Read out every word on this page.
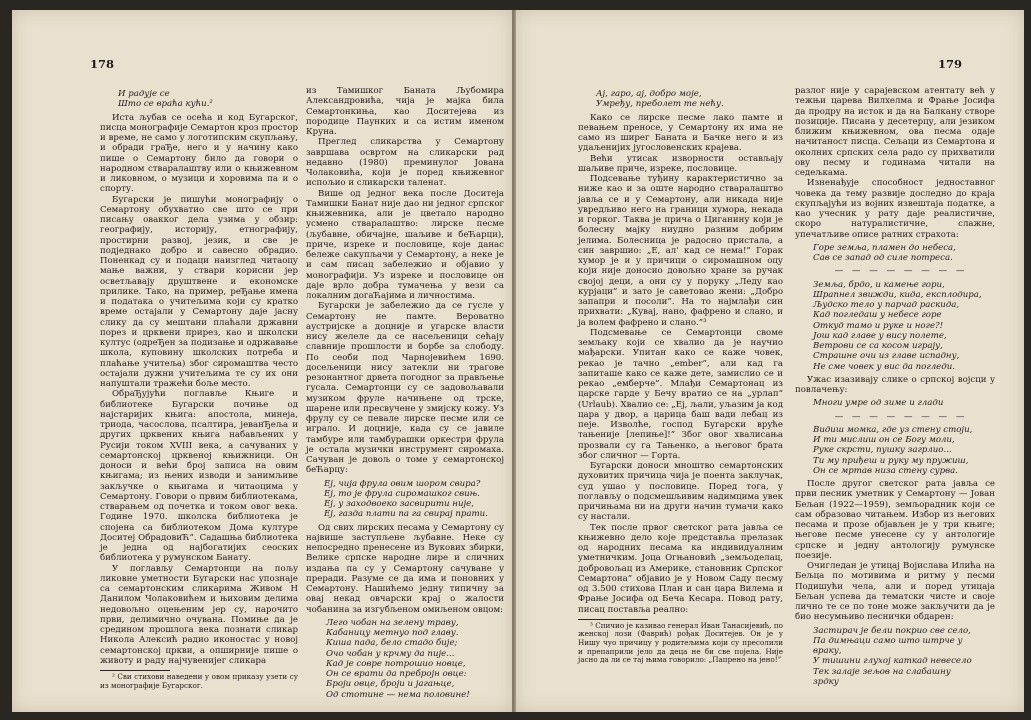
178

И радује се
Што се враћа кући.²

Иста љубав се осећа и код Бугарског, писца монографије Семартон кроз простор и време, не само у логотипским скупљању, и обради граЂе, него и у начину како пише о Семартону било да говори о народном стваралаштву или о књижевном и ликовном, о музици и хоровима па и о спорту.

Бугарски је пишући монографију о Семартону обухватио све што се при писању овакког дела узима у обзир: географију, историју, етнографију, простирни развој, језик, и све је подједнако добро и савесно обрадио. Поненкад су и подаци наизглед читаоцу мање важни, у ствари корисни јер осветљавају друштвене и економске прилике. Тако, на пример, реЂање имена и података о учитељима који су кратко време остајали у Семартону даје јасну слику да су мештани плаћали државни порез и црквени прирез, као и школски култус (одреЂен за подизање и одржавање школа, куповину школских потреба и плаћање учитеља) због сиромаштва често остајали дужни учитељима те су их они напуштали тражећи боље место.

ОбраЂујући поглавље Књиге и библиотеке Бугарски почиње од најстаријих књига: апостола, минеја, триода, часослова, псалтира, јеванЂеља и других црквених књига набављених у Русији током XVIII века, а сачуваних у семартонској црквеној књижници. Он доноси и већи број записа на овим књигама; из њених изводи и занимљиве закључке о књигама и читаоцима у Семартону. Говори о првим библиотекама, стварањем од почетка и током овог века. Године 1970. школска библиотека је спојена са библиотеком Дома културе Доситеј ОбрадовиЋ”. Садашња библиотека је једна од најбогатијих сеоских библиотека у румунском Банату.

У поглављу Семартонци на пољу ликовне уметности Бугарски нас упознаје са семартонским сликарима Живом Н Данилом Чолаковићем и њиховим делима недовољно оцењеним јер су, нарочито први, делимично очувана. Помиње да је средином прошлога века познати сликар Никола Алексић радио иконостас у новој семартонској цркви, а опширније пише о животу и раду најчувенијег сликара

² Сви стихови наведени у овом приказу узети су из монографије Бугарског.

из Тамишког Баната Љубомира Александровића, чија је мајка била Семартонкиња, као Доситејева из породице Паунких и са истим именом Круна.

Преглед сликарства у Семартону завршава освртом на сликарски рад недавно (1980) преминулог Јована Чолаковића, који је поред књижевног испољио и сликарски таленат.

Више од једног века после Доситеја Тамишки Банат није дао ни једног српског књижевника, али је цветало народно усмено стваралаштво: лирске песме (љубавне, обичајне, шаљиве и беЋарци), приче, изреке и пословице, које данас бележе сакупљачи у Семартону, а неке је и сам писац забележио и објавио у монографији. Уз изреке и пословице он даје врло добра тумачења у вези са локалним догаЋајима и личностима.

Бугарски је забележио да се гусле у Семартону не памте. Вероватно аустријске а доцније и угарске власти нису желеле да се насељеници сећају славније прошлости и борбе за слободу. По сеоби под Чарнојевићем 1690. досељеници нису затекли ни трагове резонантног дрвета погодног за прављење гусала. Семартонци су се задовољавали музиком фруле начињене од трске, шарене или пресвучене у змијску кожу. Уз фрулу су се певале лирске песме или се играло. И доцније, када су се јавиле тамбуре или тамбурашки оркестри фрула је остала музички инструмент сиромаха. Сачуван је довољ о томе у семартонској беЋарцу:

Еј, чија фрула овим шором свира?
Еј, то је фрула сиромашког свињ.
Еј, у заходвоеко засвирити није,
Еј, газда плати па га свирај прати.

Од свих лирских песама у Семартону су највише заступљене љубавне. Неке су непосредно пренесене из Вукових збирки, Велике српске народне лире и сличних издања па су у Семартону сачуване у преради. Разуме се да има и поновних у Семартону. Нашићемо једну типичну за овај некад овчарски крај о жалости чобанина за изгубљеном омиљеном овцом:

Лего чобан на зелену траву,
Кабаницу метнуо под главу.
Киша пада, бело стадо бије;
Очо чобан у крчму да пије...
Кад је совре потрошио новце,
Он се врати да пребројн овце:
Броји овце, броји и јагањце,
Од стотине — нема половине!

179

Ај, гаро, ај, добро моје,
Умређу, преболет те нећу.

Како се лирске песме лако памте и певањем преносе, у Семартону их има не само из ширег Баната и Бачке него и из удаљенијих југословенских крајева.

Већи утисак изворности остављају шаљиве приче, изреке, пословице.

Подсевање туђину карактеристично за ниже као и за оште народно стваралаштво јавља се и у Семартону, али никада није увредљиво него на граници хумора, некада и горког. Таква је прича о Циганину који је болесну мајку ниудно разним добрим јелима. Болесница је радосно пристала, а син завршио: „Е, ал' кад се нема!” Горак хумор је и у причици о сиромашном оцу који није доносио довољно хране за ручак својој деци, а они су у поруку „Леду као курјаци” и зато је саветовао жени: „Добро запапри и посоли”. На то најмлађи син прихвати: „Кувај, нано, фафрено и слано, и ја волем фафрено и слано.”³

Подсмевање се Семартонци своме земљаку који се хвалио да је научио мађарски. Упитан како се каже човек, рекао је тачно „ember”, али кад га запиташе како се каже дете, замислио се и рекао „емберче”. Млађи Семартонац из царске гарде у Бечу вратио се на „урлап” (Urlaub). Хвалио се: „Еј, љали, уљазим ја код цара у двор, а царица баш вади лебац из пеје. Изволће, господ Бугарски вруће тањеније [лепиње]!” Због овог хвалисања прозвали су га Тањенко, а његовог брата због сличног — Горта.

Бугарски доноси мноштво семартонских духовитих причица чија је поента заклучак, суд ушао у пословице. Поред тога, у поглављу о подсмешљивим надимцима увек причињама ни на други начин тумачи како су настали.

Тек после првог светског рата јавља се књижевно дело које представља прелазак од народних песама ка индивидуалним уметничким. Јоца Огњановић „земљоделац, добровољац из Америке, становник Српског Семартона” објавио је у Новом Саду песму од 3.500 стихова План и сан цара Вилема и Фрање Јосифа од Беча Кесара. Повод рату, писац поставља реално:

³ Спичио је казивао генерал Иван Танасијевић, по женској лози (Фаврић) рођак Доситејев. Он је у Нишу чуо причицу у родитељима који су пресолили и препаприли јело да деца не би све појела. Није јасно да ли се тај њима говорило: „Папрено на јено!”

разлог није у сарајевском атентату већ у тежњи царева Вилхелма и Фрање Јосифа да продру на исток и да на Балкану створе позиције. Писана у десетерцу, али језиком ближим књижевном, ова песма одаје начитаност писца. Сељаци из Семартона и околних српских села радо су прихватили ову песму и годинама читали на седељкама.

Изненађује способност једноставног човека да тему развије доследно до краја скупљајући из војних извештаја податке, а као учесник у рату даје реалистичне, скоро натуралистичне, слажне, упечатљиве описе ратних страхота:

Горе земља, пламен до небеса,
Сав се запад од силе потреса.

— — — — — — — —

Земља, брдо, и камење гори,
Шрапнел звижди, кида, експлодира,
Људско тело у парчад раскида,
Кад погледаш у небесе горе
Откуд тамо и руке и ноге?!
Још кад главе у вису полете,
Ветрови се са косом играју,
Страшне очи из главе испадну,
Не сме човек у вис да погледи.

Ужас изазивају слике о српској војсци у повлачењу:

Многи умре од зиме и глади

— — — — — — — —

Видиш момка, где уз стену стоји,
И ти мислиш он се Богу моли,
Руке скрсти, пушку загрлио...
Ти му приђеш и руку му пружиш,
Он се мртав низа стену сурва.

После другог светског рата јавља се први песник уметник у Семартону — Јован Бељан (1922—1959), земљорадник који се сам образовао читањем. Избор из његових песама и прозе објављен је у три књиге; његове песме унесене су у антологије српске и једну антологију румунске поезије.

Очигледан је утицај Војислава Илића на Бељца по мотивима и ритму у песми Подишући чела, али и поред утицаја Бељан успева да тематски чисте и своје лично те се по тоне може закључити да је био несумњиво песнички обдарен:

Застирач је бели покрио све село,
Па димњаци само што штрче у
враку,
У тишини глухој каткад невесело
Тек залаје зељов на слабашну
зрдку
